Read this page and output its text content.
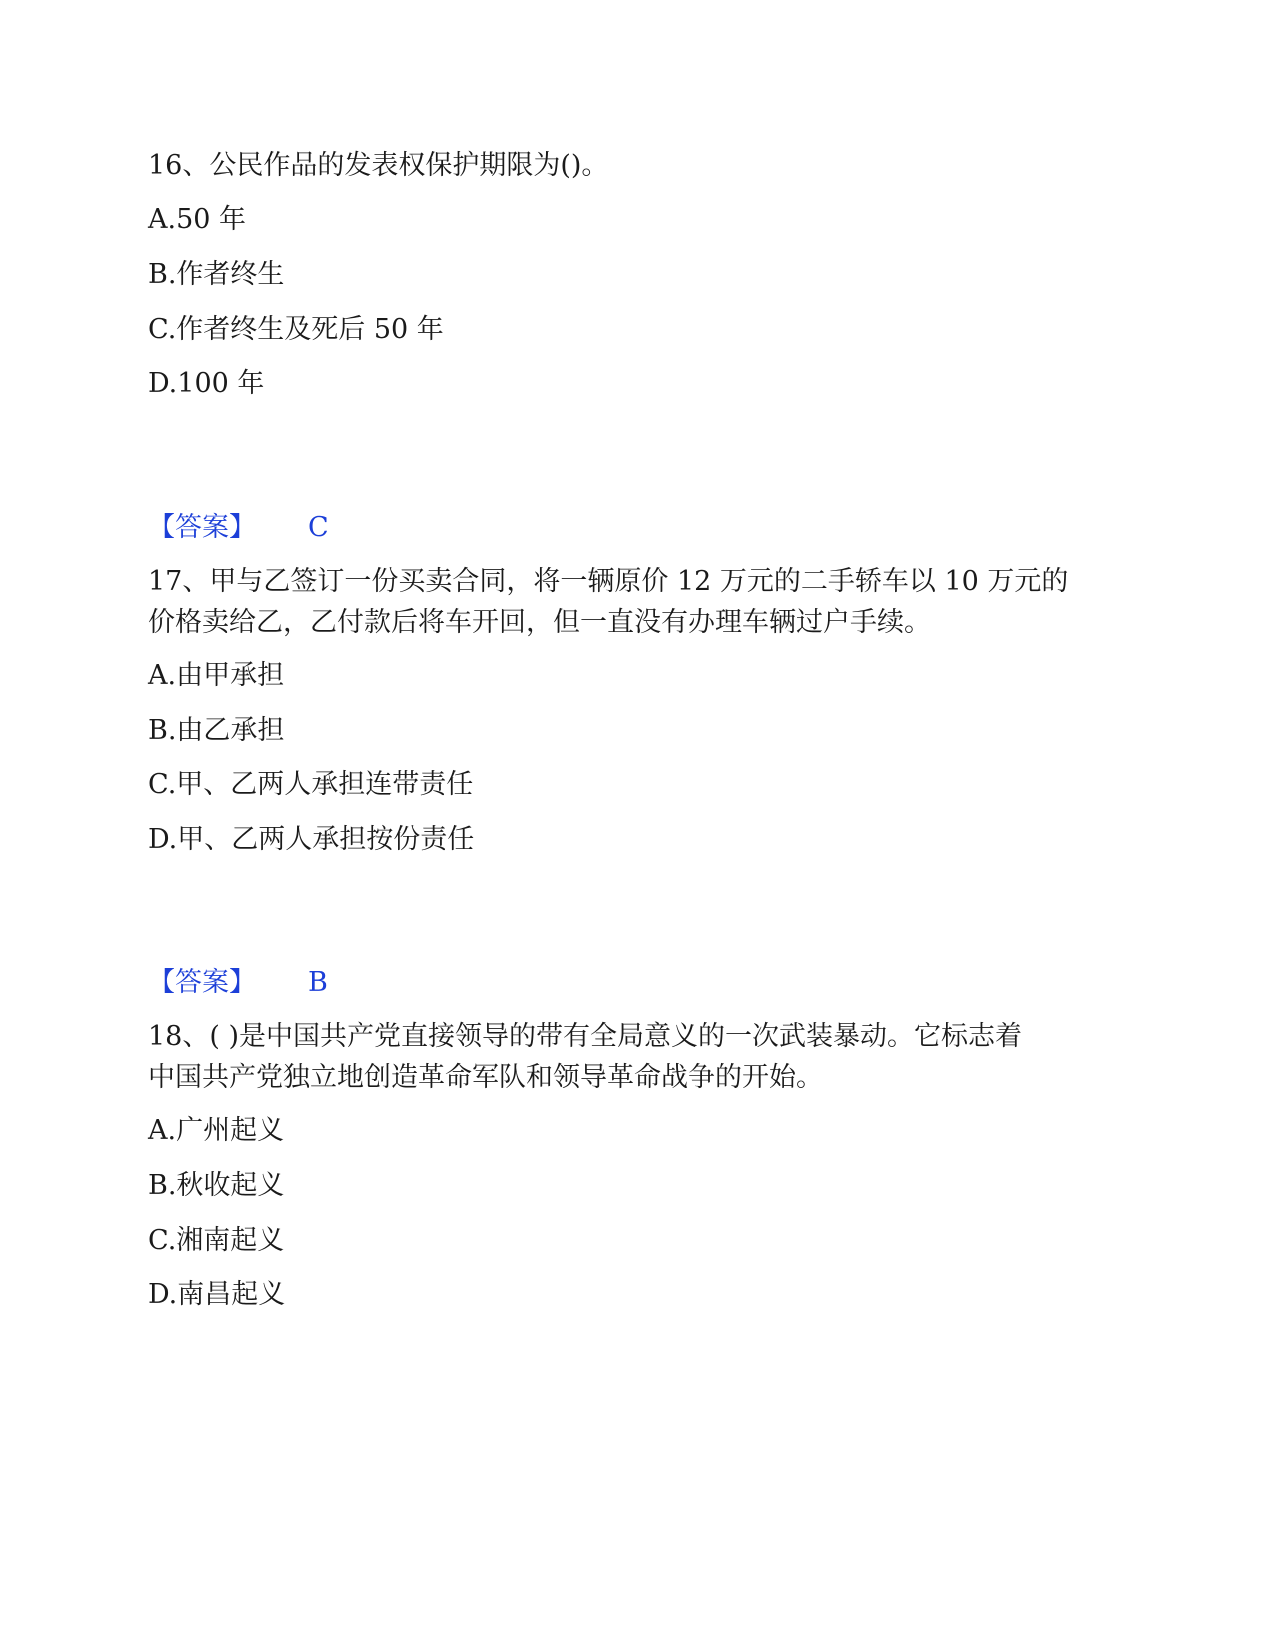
16、公民作品的发表权保护期限为()。
A.50 年
B.作者终生
C.作者终生及死后 50 年
D.100 年
【答案】 C
17、甲与乙签订一份买卖合同，将一辆原价 12 万元的二手轿车以 10 万元的
价格卖给乙，乙付款后将车开回，但一直没有办理车辆过户手续。
A.由甲承担
B.由乙承担
C.甲、乙两人承担连带责任
D.甲、乙两人承担按份责任
【答案】 B
18、( )是中国共产党直接领导的带有全局意义的一次武装暴动。它标志着
中国共产党独立地创造革命军队和领导革命战争的开始。
A.广州起义
B.秋收起义
C.湘南起义
D.南昌起义
